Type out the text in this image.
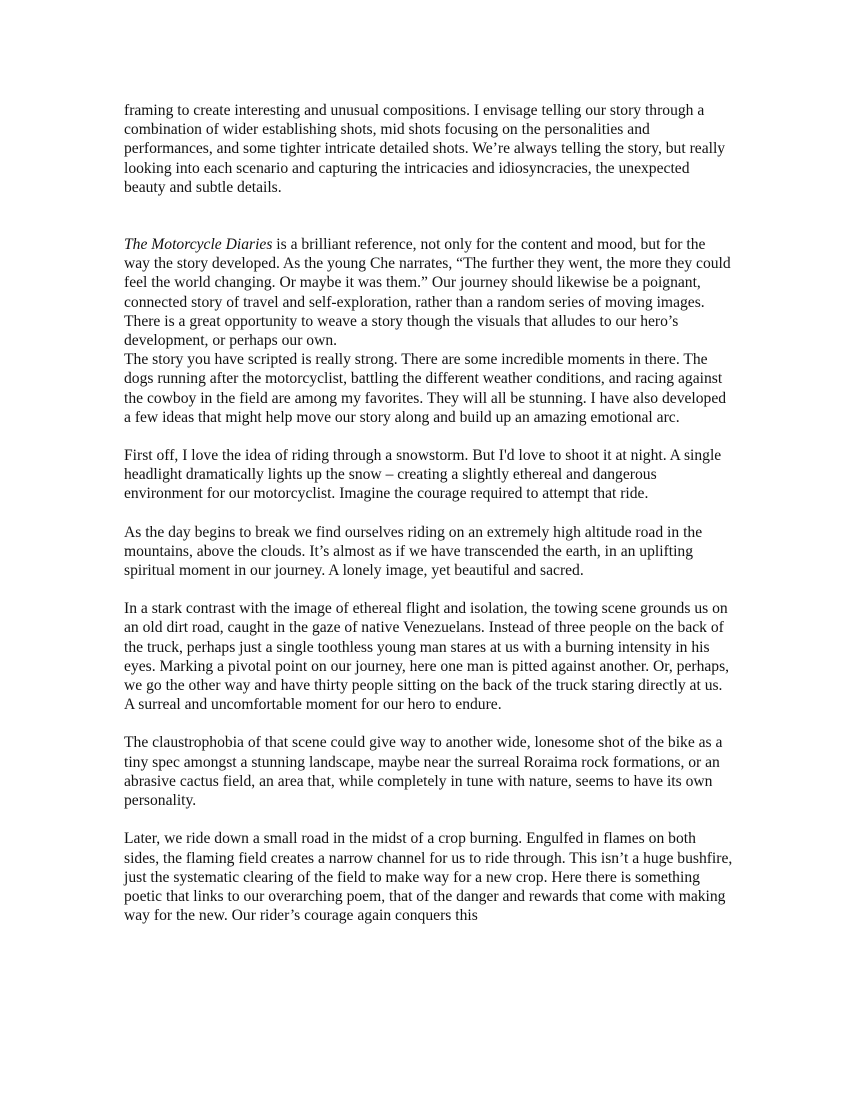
framing to create interesting and unusual compositions. I envisage telling our story through a combination of wider establishing shots, mid shots focusing on the personalities and performances, and some tighter intricate detailed shots. We’re always telling the story, but really looking into each scenario and capturing the intricacies and idiosyncracies, the unexpected beauty and subtle details.

The Motorcycle Diaries is a brilliant reference, not only for the content and mood, but for the way the story developed. As the young Che narrates, “The further they went, the more they could feel the world changing. Or maybe it was them.” Our journey should likewise be a poignant, connected story of travel and self-exploration, rather than a random series of moving images. There is a great opportunity to weave a story though the visuals that alludes to our hero’s development, or perhaps our own.

The story you have scripted is really strong. There are some incredible moments in there. The dogs running after the motorcyclist, battling the different weather conditions, and racing against the cowboy in the field are among my favorites. They will all be stunning. I have also developed a few ideas that might help move our story along and build up an amazing emotional arc.

First off, I love the idea of riding through a snowstorm. But I'd love to shoot it at night. A single headlight dramatically lights up the snow – creating a slightly ethereal and dangerous environment for our motorcyclist. Imagine the courage required to attempt that ride.

As the day begins to break we find ourselves riding on an extremely high altitude road in the mountains, above the clouds. It’s almost as if we have transcended the earth, in an uplifting spiritual moment in our journey. A lonely image, yet beautiful and sacred.

In a stark contrast with the image of ethereal flight and isolation, the towing scene grounds us on an old dirt road, caught in the gaze of native Venezuelans. Instead of three people on the back of the truck, perhaps just a single toothless young man stares at us with a burning intensity in his eyes. Marking a pivotal point on our journey, here one man is pitted against another. Or, perhaps, we go the other way and have thirty people sitting on the back of the truck staring directly at us. A surreal and uncomfortable moment for our hero to endure.

The claustrophobia of that scene could give way to another wide, lonesome shot of the bike as a tiny spec amongst a stunning landscape, maybe near the surreal Roraima rock formations, or an abrasive cactus field, an area that, while completely in tune with nature, seems to have its own personality.

Later, we ride down a small road in the midst of a crop burning. Engulfed in flames on both sides, the flaming field creates a narrow channel for us to ride through. This isn’t a huge bushfire, just the systematic clearing of the field to make way for a new crop. Here there is something poetic that links to our overarching poem, that of the danger and rewards that come with making way for the new. Our rider’s courage again conquers this
